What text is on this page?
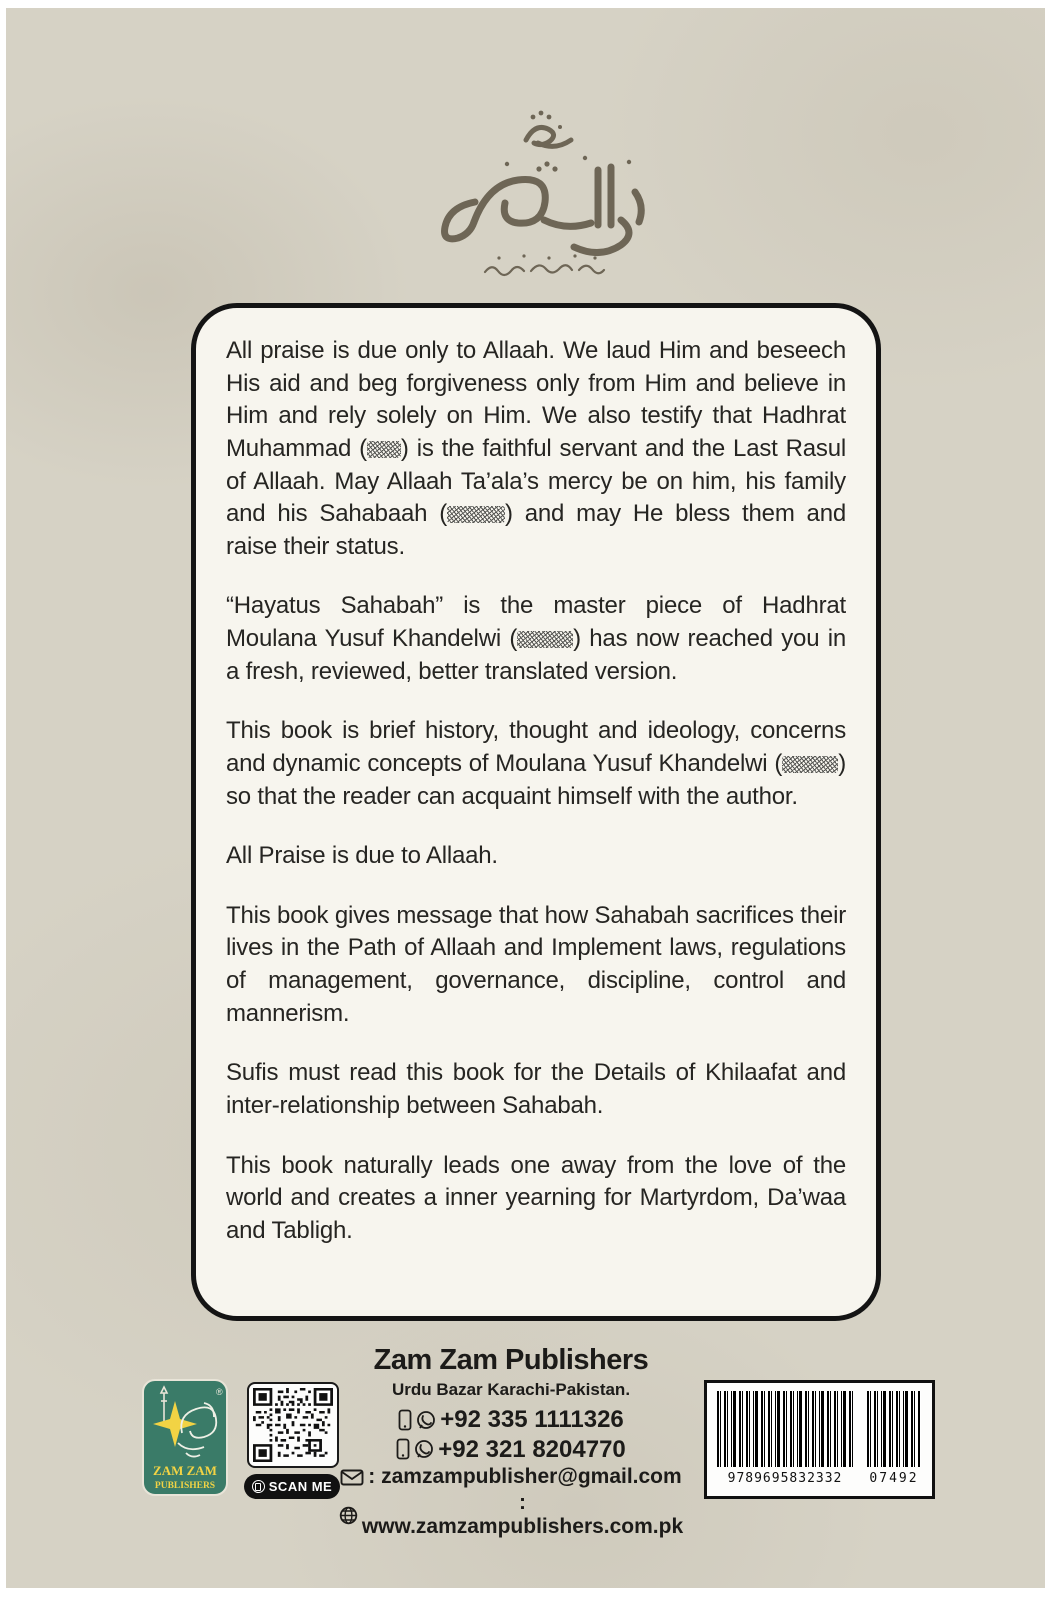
All praise is due only to Allaah. We laud Him and beseech His aid and beg forgiveness only from Him and believe in Him and rely solely on Him. We also testify that Hadhrat Muhammad ( ) is the faithful servant and the Last Rasul of Allaah. May Allaah Ta’ala’s mercy be on him, his family and his Sahabaah ( ) and may He bless them and raise their status.

“Hayatus Sahabah” is the master piece of Hadhrat Moulana Yusuf Khandelwi ( ) has now reached you in a fresh, reviewed, better translated version.

This book is brief history, thought and ideology, concerns and dynamic concepts of Moulana Yusuf Khandelwi ( ) so that the reader can acquaint himself with the author.

All Praise is due to Allaah.

This book gives message that how Sahabah sacrifices their lives in the Path of Allaah and Implement laws, regulations of management, governance, discipline, control and mannerism.

Sufis must read this book for the Details of Khilaafat and inter-relationship between Sahabah.

This book naturally leads one away from the love of the world and creates a inner yearning for Martyrdom, Da’waa and Tabligh.

®
ZAM ZAM
PUBLISHERS	SCAN ME

Zam Zam Publishers

Urdu Bazar Karachi-Pakistan.
+92 335 1111326
+92 321 8204770
: zamzampublisher@gmail.com
: www.zamzampublishers.com.pk
9789695832332	07492
